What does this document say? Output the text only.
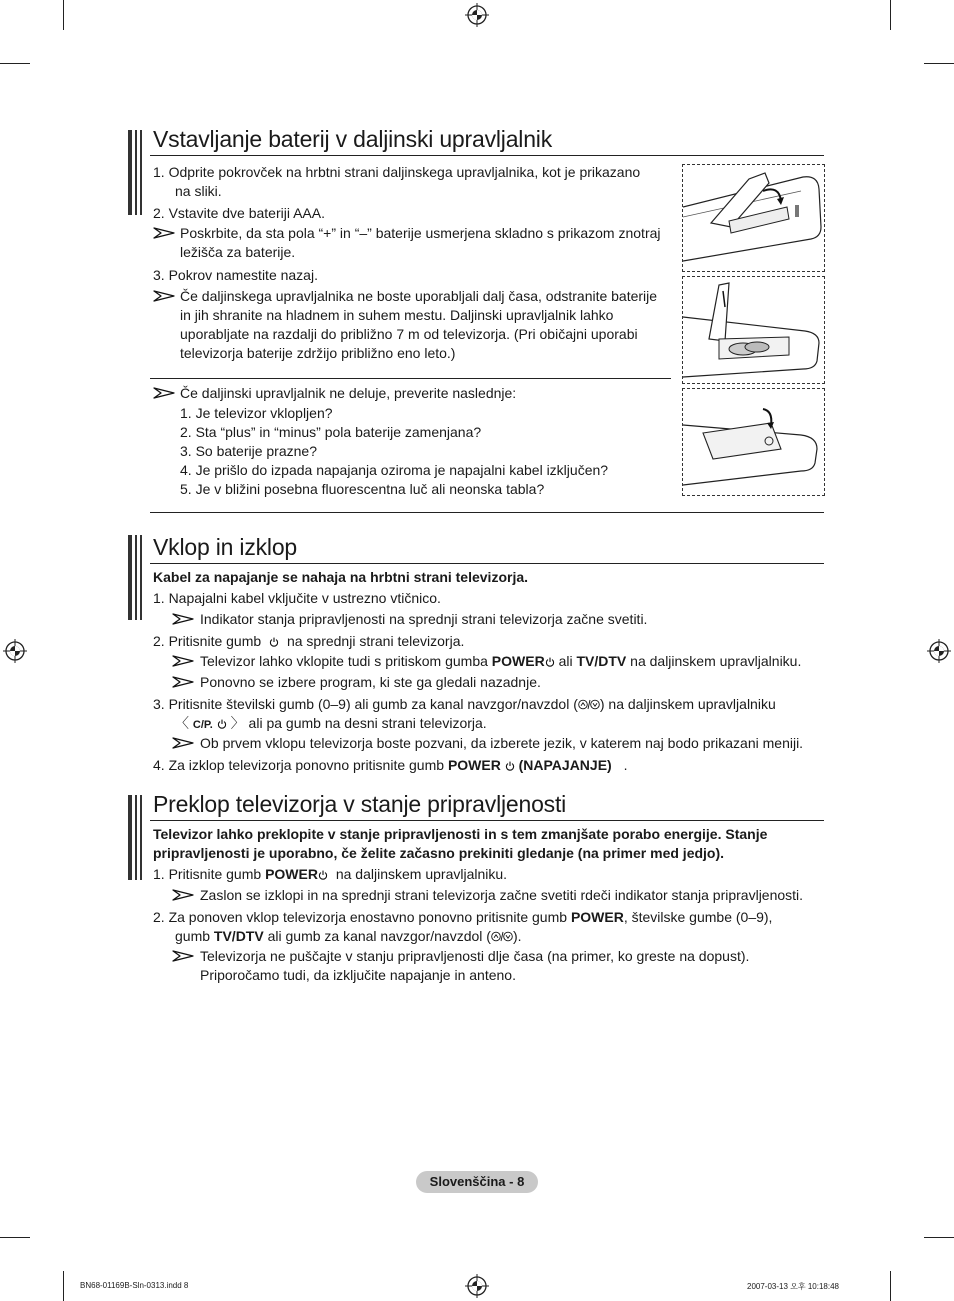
Vstavljanje baterij v daljinski upravljalnik
1. Odprite pokrovček na hrbtni strani daljinskega upravljalnika, kot je prikazano
na sliki.
2. Vstavite dve bateriji AAA.
Poskrbite, da sta pola “+” in “–” baterije usmerjena skladno s prikazom znotraj
ležišča za baterije.
3. Pokrov namestite nazaj.
Če daljinskega upravljalnika ne boste uporabljali dalj časa, odstranite baterije
in jih shranite na hladnem in suhem mestu. Daljinski upravljalnik lahko
uporabljate na razdalji do približno 7 m od televizorja. (Pri običajni uporabi
televizorja baterije zdržijo približno eno leto.)
Če daljinski upravljalnik ne deluje, preverite naslednje:
1. Je televizor vklopljen?
2. Sta “plus” in “minus” pola baterije zamenjana?
3. So baterije prazne?
4. Je prišlo do izpada napajanja oziroma je napajalni kabel izključen?
5. Je v bližini posebna fluorescentna luč ali neonska tabla?
Vklop in izklop
Kabel za napajanje se nahaja na hrbtni strani televizorja.
1. Napajalni kabel vključite v ustrezno vtičnico.
Indikator stanja pripravljenosti na sprednji strani televizorja začne svetiti.
2. Pritisnite gumb na sprednji strani televizorja.
Televizor lahko vklopite tudi s pritiskom gumba POWER ali TV/DTV na daljinskem upravljalniku.
Ponovno se izbere program, ki ste ga gledali nazadnje.
3. Pritisnite številski gumb (0–9) ali gumb za kanal navzgor/navzdol ( ) na daljinskem upravljalniku
〈 C/P. 〉 ali pa gumb na desni strani televizorja.
Ob prvem vklopu televizorja boste pozvani, da izberete jezik, v katerem naj bodo prikazani meniji.
4. Za izklop televizorja ponovno pritisnite gumb POWER (NAPAJANJE) .
Preklop televizorja v stanje pripravljenosti
Televizor lahko preklopite v stanje pripravljenosti in s tem zmanjšate porabo energije. Stanje
pripravljenosti je uporabno, če želite začasno prekiniti gledanje (na primer med jedjo).
1. Pritisnite gumb POWER na daljinskem upravljalniku.
Zaslon se izklopi in na sprednji strani televizorja začne svetiti rdeči indikator stanja pripravljenosti.
2. Za ponoven vklop televizorja enostavno ponovno pritisnite gumb POWER, številske gumbe (0–9),
gumb TV/DTV ali gumb za kanal navzgor/navzdol ( ).
Televizorja ne puščajte v stanju pripravljenosti dlje časa (na primer, ko greste na dopust).
Priporočamo tudi, da izključite napajanje in anteno.
Slovenščina - 8
BN68-01169B-Sln-0313.indd 8	2007-03-13 오후 10:18:48
